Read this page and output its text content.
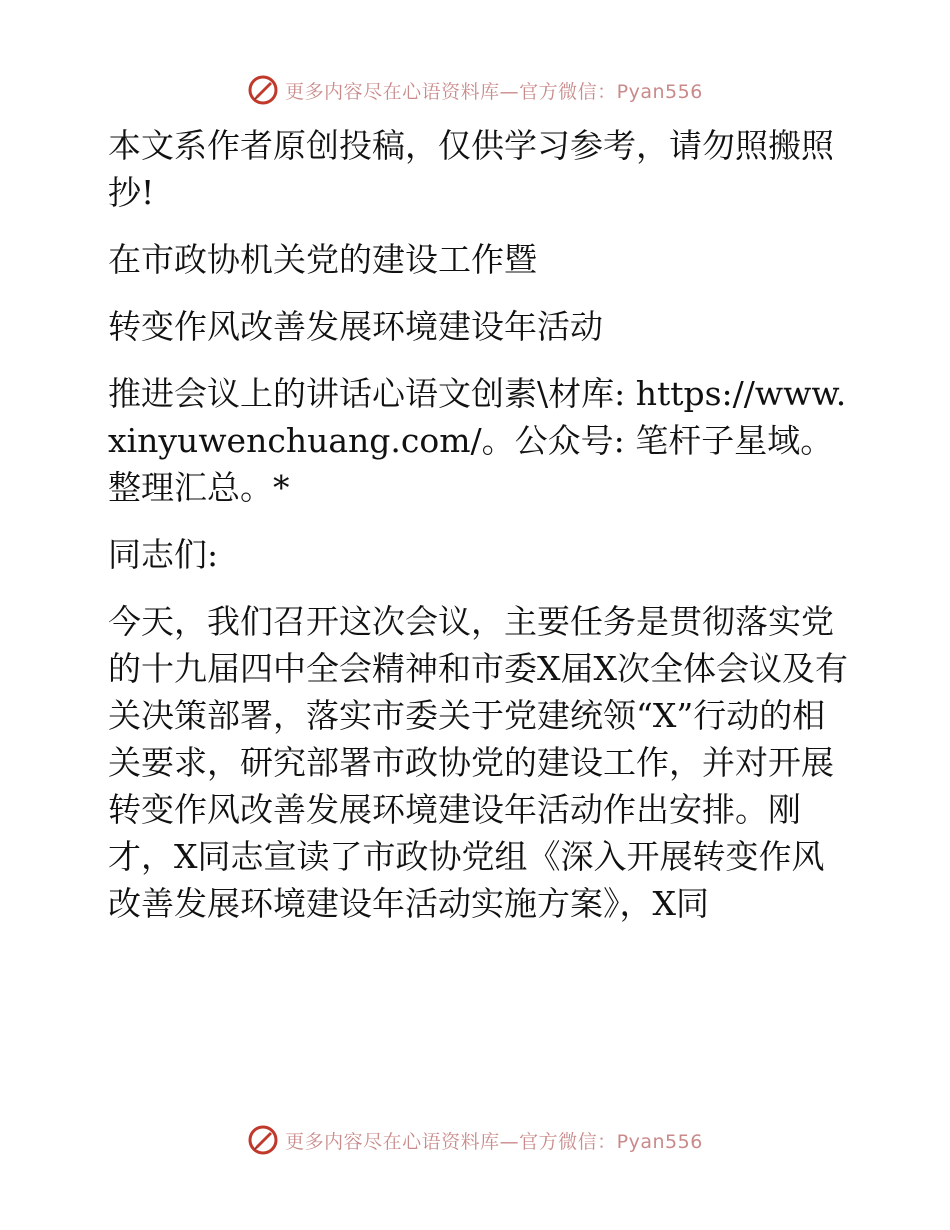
更多内容尽在心语资料库—官方微信：Pyan556

本文系作者原创投稿，仅供学习参考，请勿照搬照抄!

在市政协机关党的建设工作暨

转变作风改善发展环境建设年活动

推进会议上的讲话心语文创素\材库: https://www.xinyuwenchuang.com/。公众号: 笔杆子星域。整理汇总。*

同志们:

今天，我们召开这次会议，主要任务是贯彻落实党的十九届四中全会精神和市委X届X次全体会议及有关决策部署，落实市委关于党建统领“X”行动的相关要求，研究部署市政协党的建设工作，并对开展转变作风改善发展环境建设年活动作出安排。刚才，X同志宣读了市政协党组《深入开展转变作风改善发展环境建设年活动实施方案》，X同

更多内容尽在心语资料库—官方微信：Pyan556
